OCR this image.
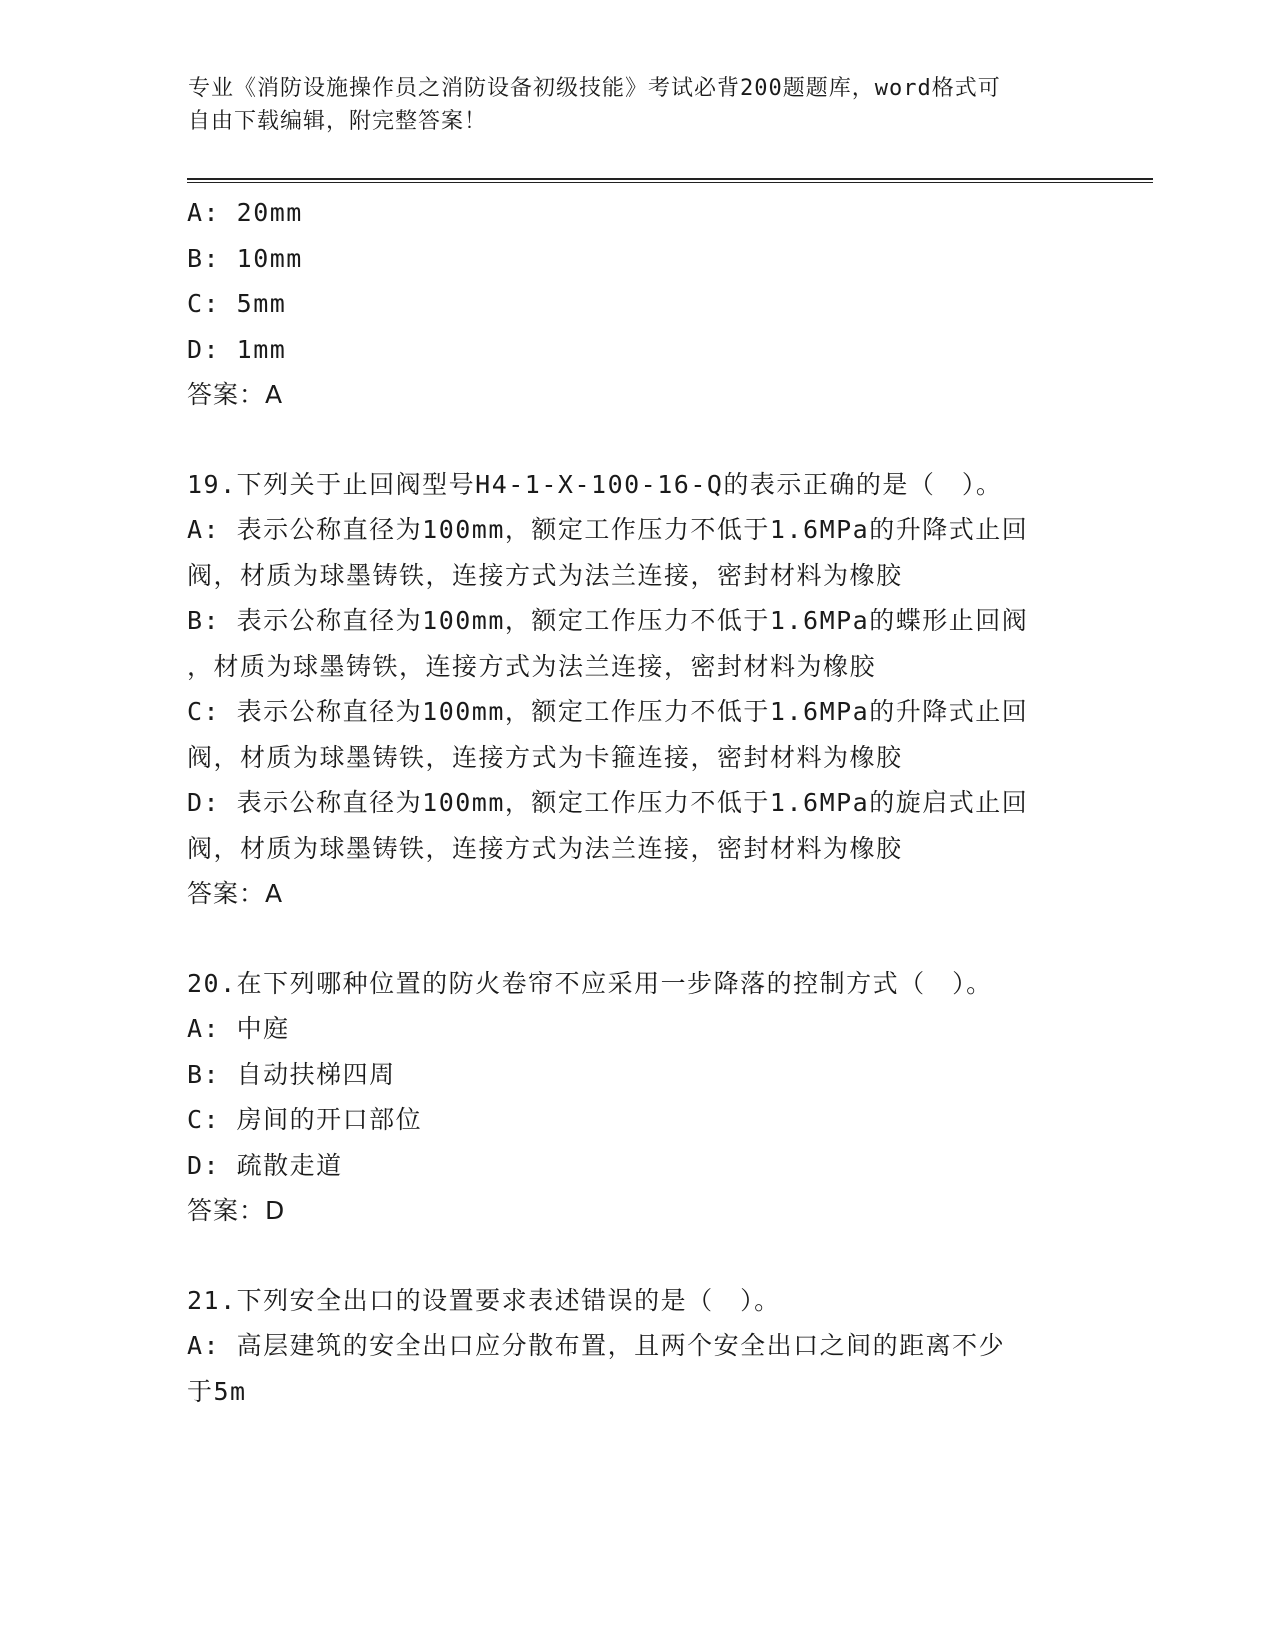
专业《消防设施操作员之消防设备初级技能》考试必背200题题库，word格式可
自由下载编辑，附完整答案！
A: 20mm
B: 10mm
C: 5mm
D: 1mm
答案：A
19.下列关于止回阀型号H4-1-X-100-16-Q的表示正确的是（　）。
A: 表示公称直径为100mm，额定工作压力不低于1.6MPa的升降式止回
阀，材质为球墨铸铁，连接方式为法兰连接，密封材料为橡胶
B: 表示公称直径为100mm，额定工作压力不低于1.6MPa的蝶形止回阀
，材质为球墨铸铁，连接方式为法兰连接，密封材料为橡胶
C: 表示公称直径为100mm，额定工作压力不低于1.6MPa的升降式止回
阀，材质为球墨铸铁，连接方式为卡箍连接，密封材料为橡胶
D: 表示公称直径为100mm，额定工作压力不低于1.6MPa的旋启式止回
阀，材质为球墨铸铁，连接方式为法兰连接，密封材料为橡胶
答案：A
20.在下列哪种位置的防火卷帘不应采用一步降落的控制方式（　）。
A: 中庭
B: 自动扶梯四周
C: 房间的开口部位
D: 疏散走道
答案：D
21.下列安全出口的设置要求表述错误的是（　）。
A: 高层建筑的安全出口应分散布置，且两个安全出口之间的距离不少
于5m
